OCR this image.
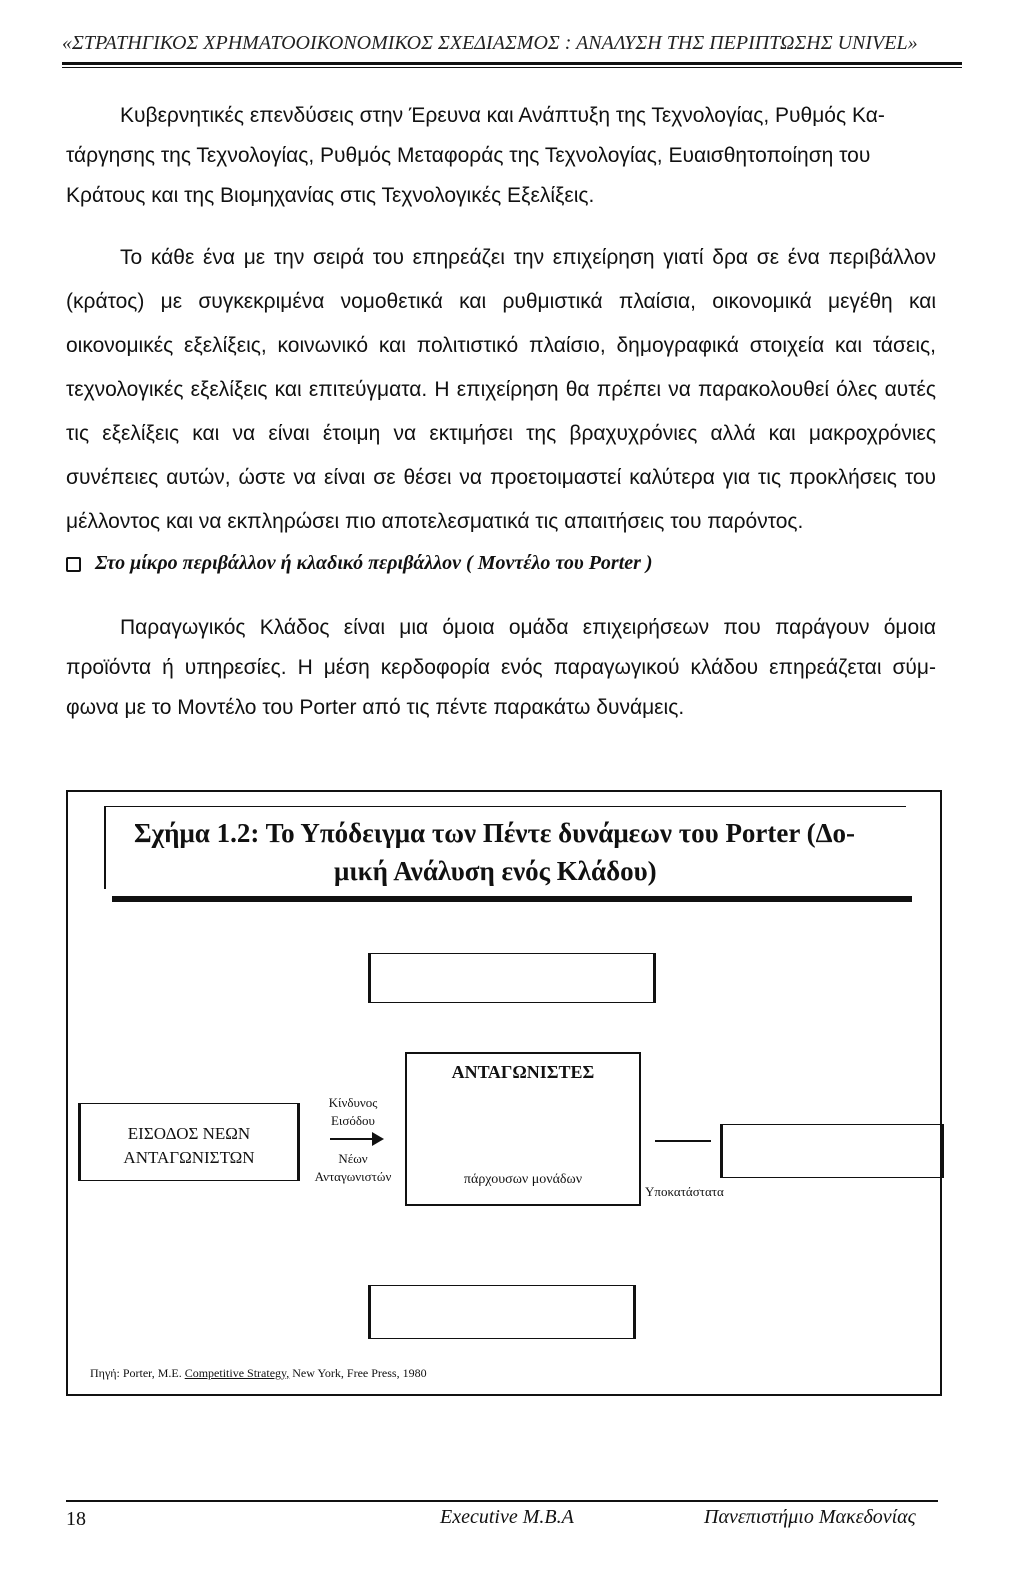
«ΣΤΡΑΤΗΓΙΚΟΣ ΧΡΗΜΑΤΟΟΙΚΟΝΟΜΙΚΟΣ ΣΧΕΔΙΑΣΜΟΣ : ΑΝΑΛΥΣΗ ΤΗΣ ΠΕΡΙΠΤΩΣΗΣ UNIVEL»
Κυβερνητικές επενδύσεις στην Έρευνα και Ανάπτυξη της Τεχνολογίας, Ρυθμός Κα-
τάργησης της Τεχνολογίας, Ρυθμός Μεταφοράς της Τεχνολογίας, Ευαισθητοποίηση του
Κράτους και της Βιομηχανίας στις Τεχνολογικές Εξελίξεις.
Το κάθε ένα με την σειρά του επηρεάζει την επιχείρηση γιατί δρα σε ένα περιβάλλον (κράτος) με συγκεκριμένα νομοθετικά και ρυθμιστικά πλαίσια, οικονομικά μεγέθη και οικονομικές εξελίξεις, κοινωνικό και πολιτιστικό πλαίσιο, δημογραφικά στοιχεία και τάσεις, τεχνολογικές εξελίξεις και επιτεύγματα. Η επιχείρηση θα πρέπει να παρακολουθεί όλες αυτές τις εξελίξεις και να είναι έτοιμη να εκτιμήσει της βραχυχρόνιες αλλά και μακροχρόνιες συνέπειες αυτών, ώστε να είναι σε θέσει να προετοιμαστεί καλύτερα για τις προκλήσεις του μέλλοντος και να εκπληρώσει πιο αποτελεσματικά τις απαιτήσεις του παρόντος.
Στο μίκρο περιβάλλον ή κλαδικό περιβάλλον ( Μοντέλο του Porter )
Παραγωγικός Κλάδος είναι μια όμοια ομάδα επιχειρήσεων που παράγουν όμοια προϊόντα ή υπηρεσίες. Η μέση κερδοφορία ενός παραγωγικού κλάδου επηρεάζεται σύμ- φωνα με το Μοντέλο του Porter από τις πέντε παρακάτω δυνάμεις.
Σχήμα 1.2: Το Υπόδειγμα των Πέντε δυνάμεων του Porter (Δο-
μική Ανάλυση ενός Κλάδου)
ΑΝΤΑΓΩΝΙΣΤΕΣ
πάρχουσων μονάδων
ΕΙΣΟΔΟΣ ΝΕΩΝ
ΑΝΤΑΓΩΝΙΣΤΩΝ
Κίνδυνος
Εισόδου
Νέων
Ανταγωνιστών
Υποκατάστατα
Πηγή: Porter, M.E. Competitive Strategy, New York, Free Press, 1980
18	Executive M.B.A	Πανεπιστήμιο Μακεδονίας
